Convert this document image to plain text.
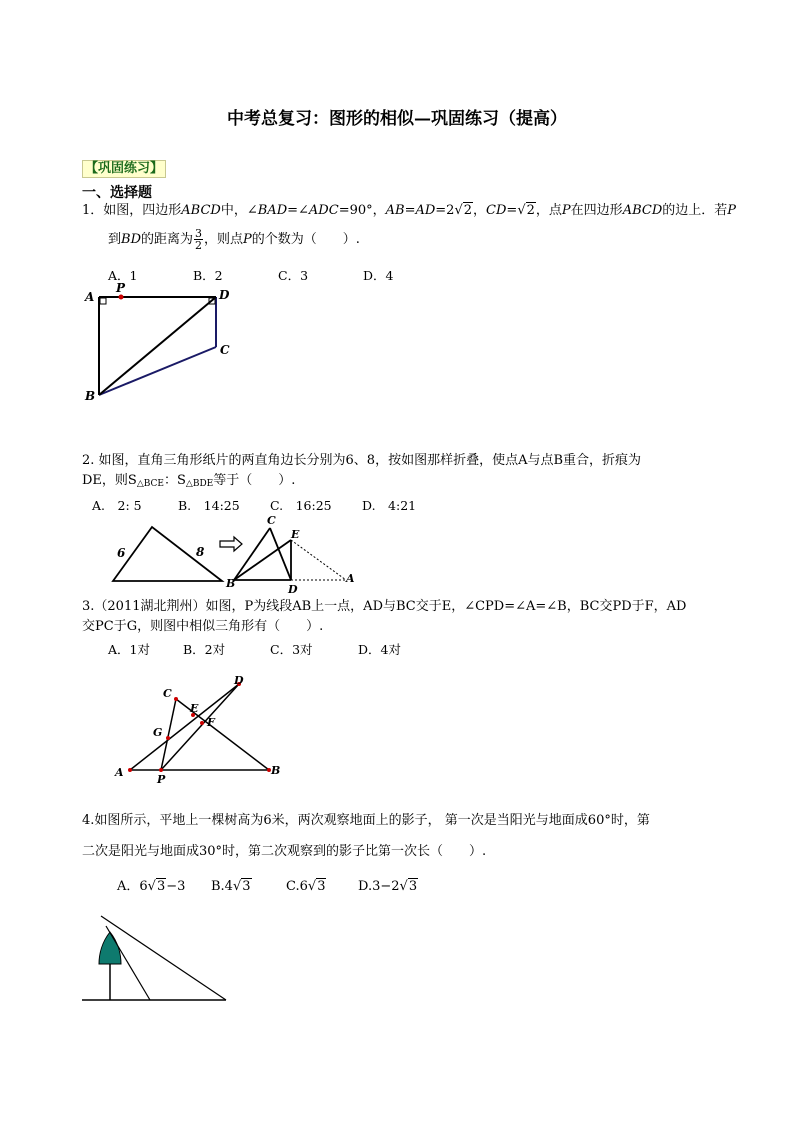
中考总复习：图形的相似—巩固练习（提高）
【巩固练习】
一、选择题
1．如图，四边形ABCD中，∠BAD=∠ADC=90°，AB=AD=2√2，CD=√2，点P在四边形ABCD的边上．若P
到BD的距离为 $\frac{3}{2}$ ，则点P的个数为（　　）.
A．1	B．2	C．3	D．4
A
P	D
C
B
2. 如图，直角三角形纸片的两直角边长分别为6、8，按如图那样折叠，使点A与点B重合，折痕为
DE，则$S_{\triangle BCE}$：$S_{\triangle BDE}$等于（　　）.
A.　2: 5	B.　14:25 C.　16:25 D.　4:21
6	8
C
E
B	D
A
3.（2011湖北荆州）如图，P为线段AB上一点，AD与BC交于E，∠CPD=∠A=∠B，BC交PD于F，AD
交PC于G，则图中相似三角形有（　　）.
A．1对	B．2对	C．3对	D．4对
C
D
E
G
F
A
P
B
4.如图所示，平地上一棵树高为6米，两次观察地面上的影子， 第一次是当阳光与地面成60°时，第
二次是阳光与地面成30°时，第二次观察到的影子比第一次长（　　）.
A．6√3−3 B.4√3	C.6√3	D.3−2√3
